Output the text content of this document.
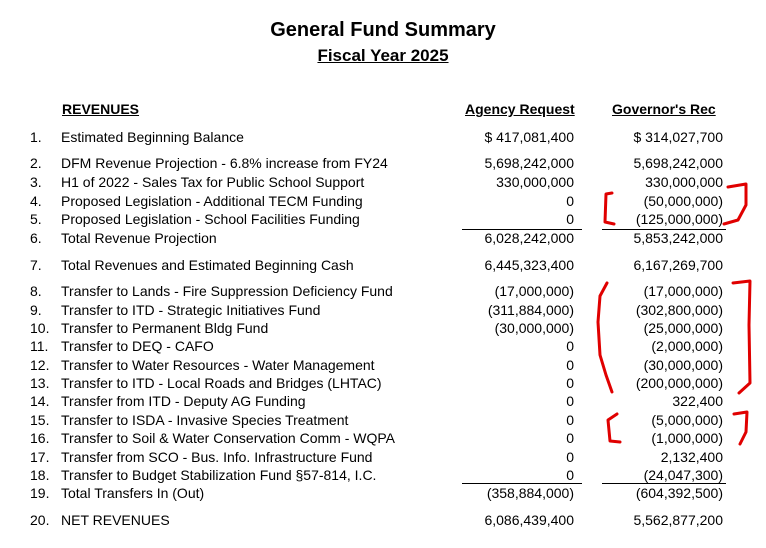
General Fund Summary
Fiscal Year 2025
REVENUES	Agency Request	Governor's Rec
1.	Estimated Beginning Balance	$ 417,081,400	$ 314,027,700
2.	DFM Revenue Projection - 6.8% increase from FY24	5,698,242,000	5,698,242,000
3.	H1 of 2022 - Sales Tax for Public School Support	330,000,000	330,000,000
4.	Proposed Legislation - Additional TECM Funding	0	(50,000,000)
5.	Proposed Legislation - School Facilities Funding	0	(125,000,000)
6.	Total Revenue Projection	6,028,242,000	5,853,242,000
7.	Total Revenues and Estimated Beginning Cash	6,445,323,400	6,167,269,700
8.	Transfer to Lands - Fire Suppression Deficiency Fund	(17,000,000)	(17,000,000)
9.	Transfer to ITD - Strategic Initiatives Fund	(311,884,000)	(302,800,000)
10. Transfer to Permanent Bldg Fund	(30,000,000)	(25,000,000)
11. Transfer to DEQ - CAFO	0	(2,000,000)
12. Transfer to Water Resources - Water Management	0	(30,000,000)
13. Transfer to ITD - Local Roads and Bridges (LHTAC)	0	(200,000,000)
14. Transfer from ITD - Deputy AG Funding	0	322,400
15. Transfer to ISDA - Invasive Species Treatment	0	(5,000,000)
16. Transfer to Soil & Water Conservation Comm - WQPA	0	(1,000,000)
17. Transfer from SCO - Bus. Info. Infrastructure Fund	0	2,132,400
18. Transfer to Budget Stabilization Fund §57-814, I.C.	0	(24,047,300)
19. Total Transfers In (Out)	(358,884,000)	(604,392,500)
20. NET REVENUES	6,086,439,400	5,562,877,200
